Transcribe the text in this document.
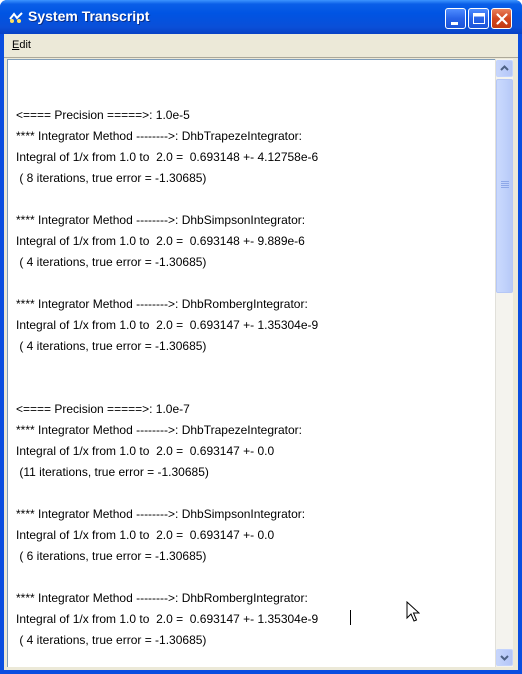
System Transcript
Edit
<==== Precision =====>: 1.0e-5
**** Integrator Method -------->: DhbTrapezeIntegrator:
Integral of 1/x from 1.0 to  2.0 =  0.693148 +- 4.12758e-6
( 8 iterations, true error = -1.30685)
**** Integrator Method -------->: DhbSimpsonIntegrator:
Integral of 1/x from 1.0 to  2.0 =  0.693148 +- 9.889e-6
( 4 iterations, true error = -1.30685)
**** Integrator Method -------->: DhbRombergIntegrator:
Integral of 1/x from 1.0 to  2.0 =  0.693147 +- 1.35304e-9
( 4 iterations, true error = -1.30685)
<==== Precision =====>: 1.0e-7
**** Integrator Method -------->: DhbTrapezeIntegrator:
Integral of 1/x from 1.0 to  2.0 =  0.693147 +- 0.0
(11 iterations, true error = -1.30685)
**** Integrator Method -------->: DhbSimpsonIntegrator:
Integral of 1/x from 1.0 to  2.0 =  0.693147 +- 0.0
( 6 iterations, true error = -1.30685)
**** Integrator Method -------->: DhbRombergIntegrator:
Integral of 1/x from 1.0 to  2.0 =  0.693147 +- 1.35304e-9
( 4 iterations, true error = -1.30685)
